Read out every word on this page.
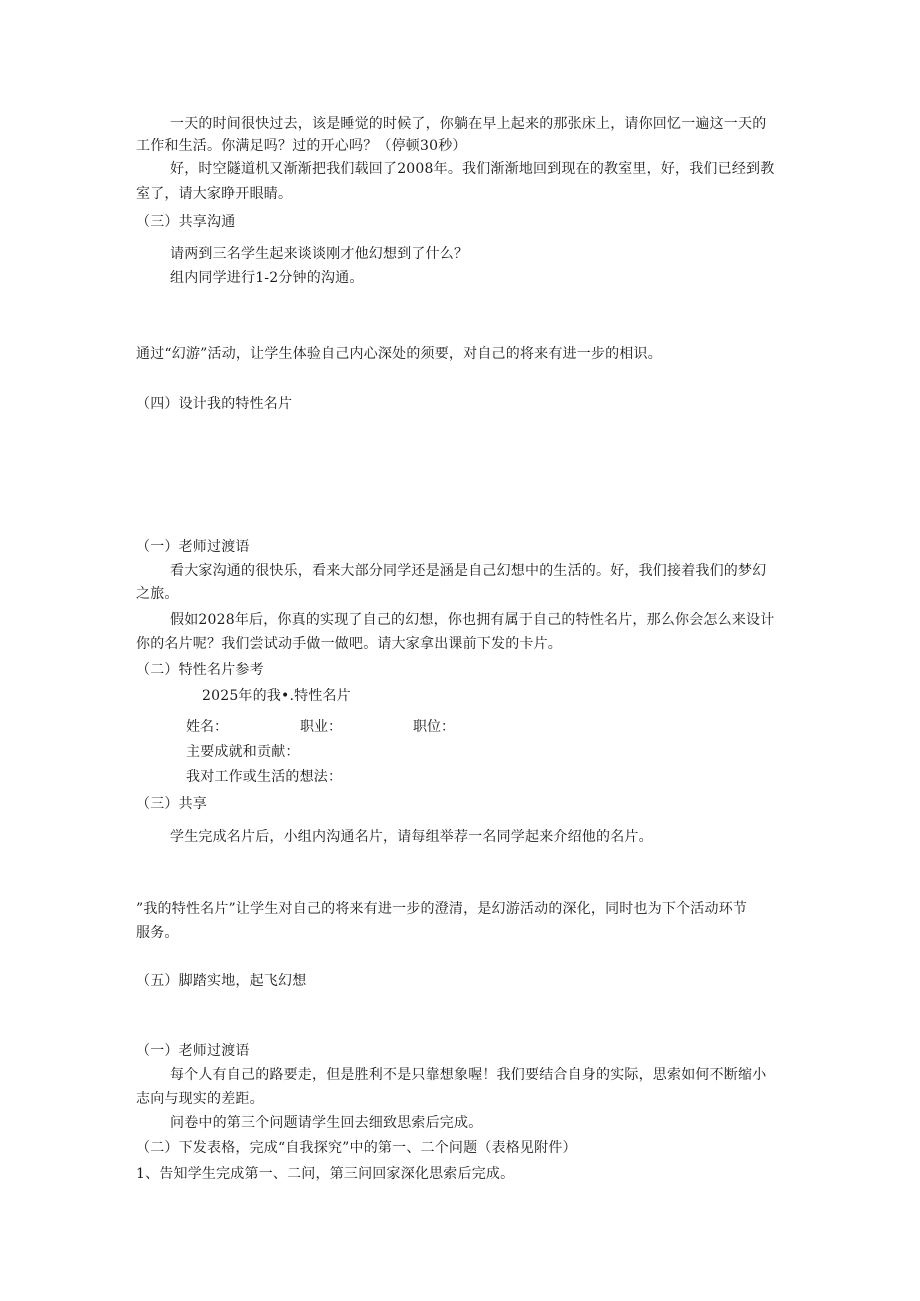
一天的时间很快过去，该是睡觉的时候了，你躺在早上起来的那张床上，请你回忆一遍这一天的
工作和生活。你满足吗？过的开心吗？（停顿30秒）
好，时空隧道机又渐渐把我们载回了2008年。我们渐渐地回到现在的教室里，好，我们已经到教
室了，请大家睁开眼睛。
（三）共享沟通
请两到三名学生起来谈谈刚才他幻想到了什么？
组内同学进行1-2分钟的沟通。
通过“幻游”活动，让学生体验自己内心深处的须要，对自己的将来有进一步的相识。
（四）设计我的特性名片
（一）老师过渡语
看大家沟通的很快乐，看来大部分同学还是涵是自己幻想中的生活的。好，我们接着我们的梦幻
之旅。
假如2028年后，你真的实现了自己的幻想，你也拥有属于自己的特性名片，那么你会怎么来设计
你的名片呢？我们尝试动手做一做吧。请大家拿出课前下发的卡片。
（二）特性名片参考
2025年的我•.特性名片
姓名：	职业：	职位：
主要成就和贡献：
我对工作或生活的想法：
（三）共享
学生完成名片后，小组内沟通名片，请每组举荐一名同学起来介绍他的名片。
”我的特性名片”让学生对自己的将来有进一步的澄清，是幻游活动的深化，同时也为下个活动环节
服务。
（五）脚踏实地，起飞幻想
（一）老师过渡语
每个人有自己的路要走，但是胜利不是只靠想象喔！我们要结合自身的实际，思索如何不断缩小
志向与现实的差距。
问卷中的第三个问题请学生回去细致思索后完成。
（二）下发表格，完成“自我探究”中的第一、二个问题（表格见附件）
1、告知学生完成第一、二问，第三问回家深化思索后完成。
